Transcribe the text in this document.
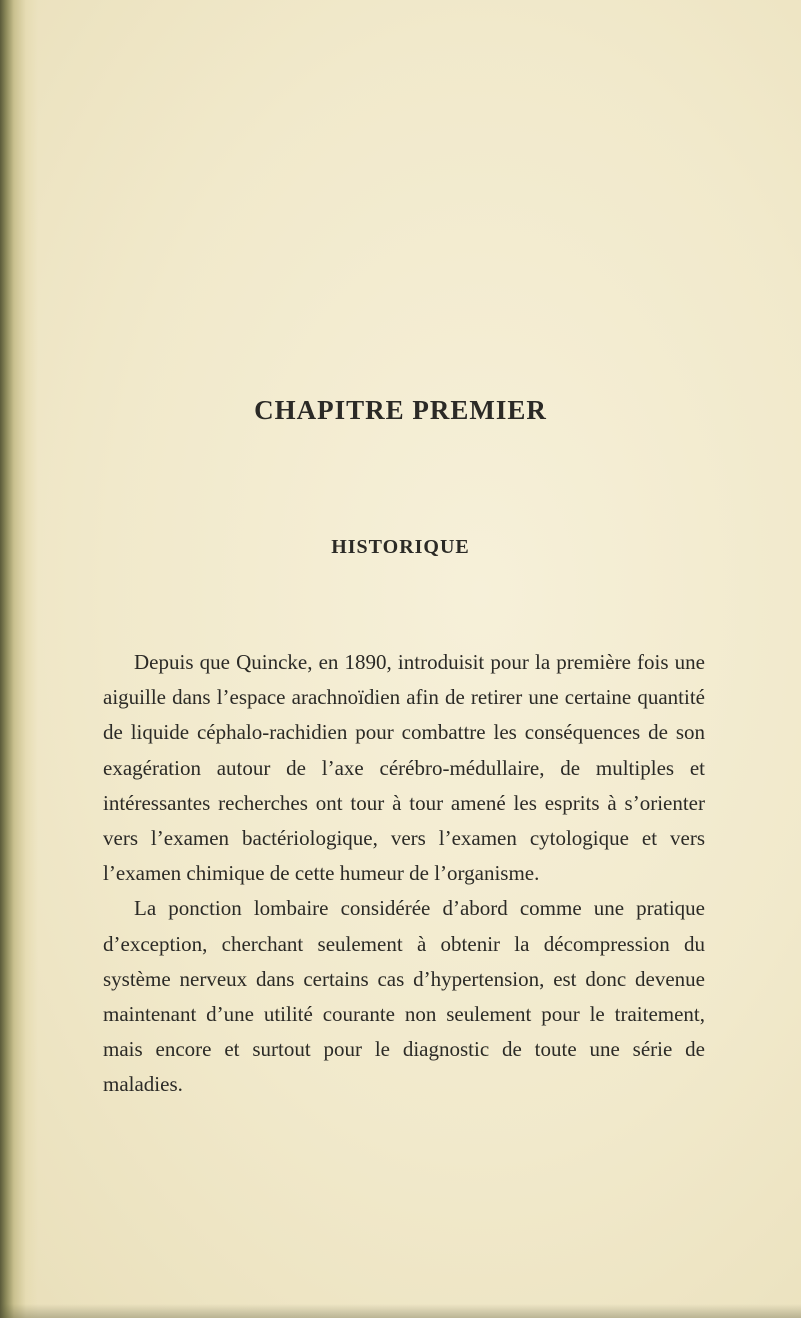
CHAPITRE PREMIER
HISTORIQUE

Depuis que Quincke, en 1890, introduisit pour la première fois une aiguille dans l’espace arachnoïdien afin de retirer une certaine quantité de liquide céphalo-rachidien pour combattre les conséquences de son exagération autour de l’axe cérébro-médullaire, de multiples et intéressantes recherches ont tour à tour amené les esprits à s’orienter vers l’examen bactériologique, vers l’examen cytologique et vers l’examen chimique de cette humeur de l’organisme.

La ponction lombaire considérée d’abord comme une pratique d’exception, cherchant seulement à obtenir la décompression du système nerveux dans certains cas d’hypertension, est donc devenue maintenant d’une utilité courante non seulement pour le traitement, mais encore et surtout pour le diagnostic de toute une série de maladies.
